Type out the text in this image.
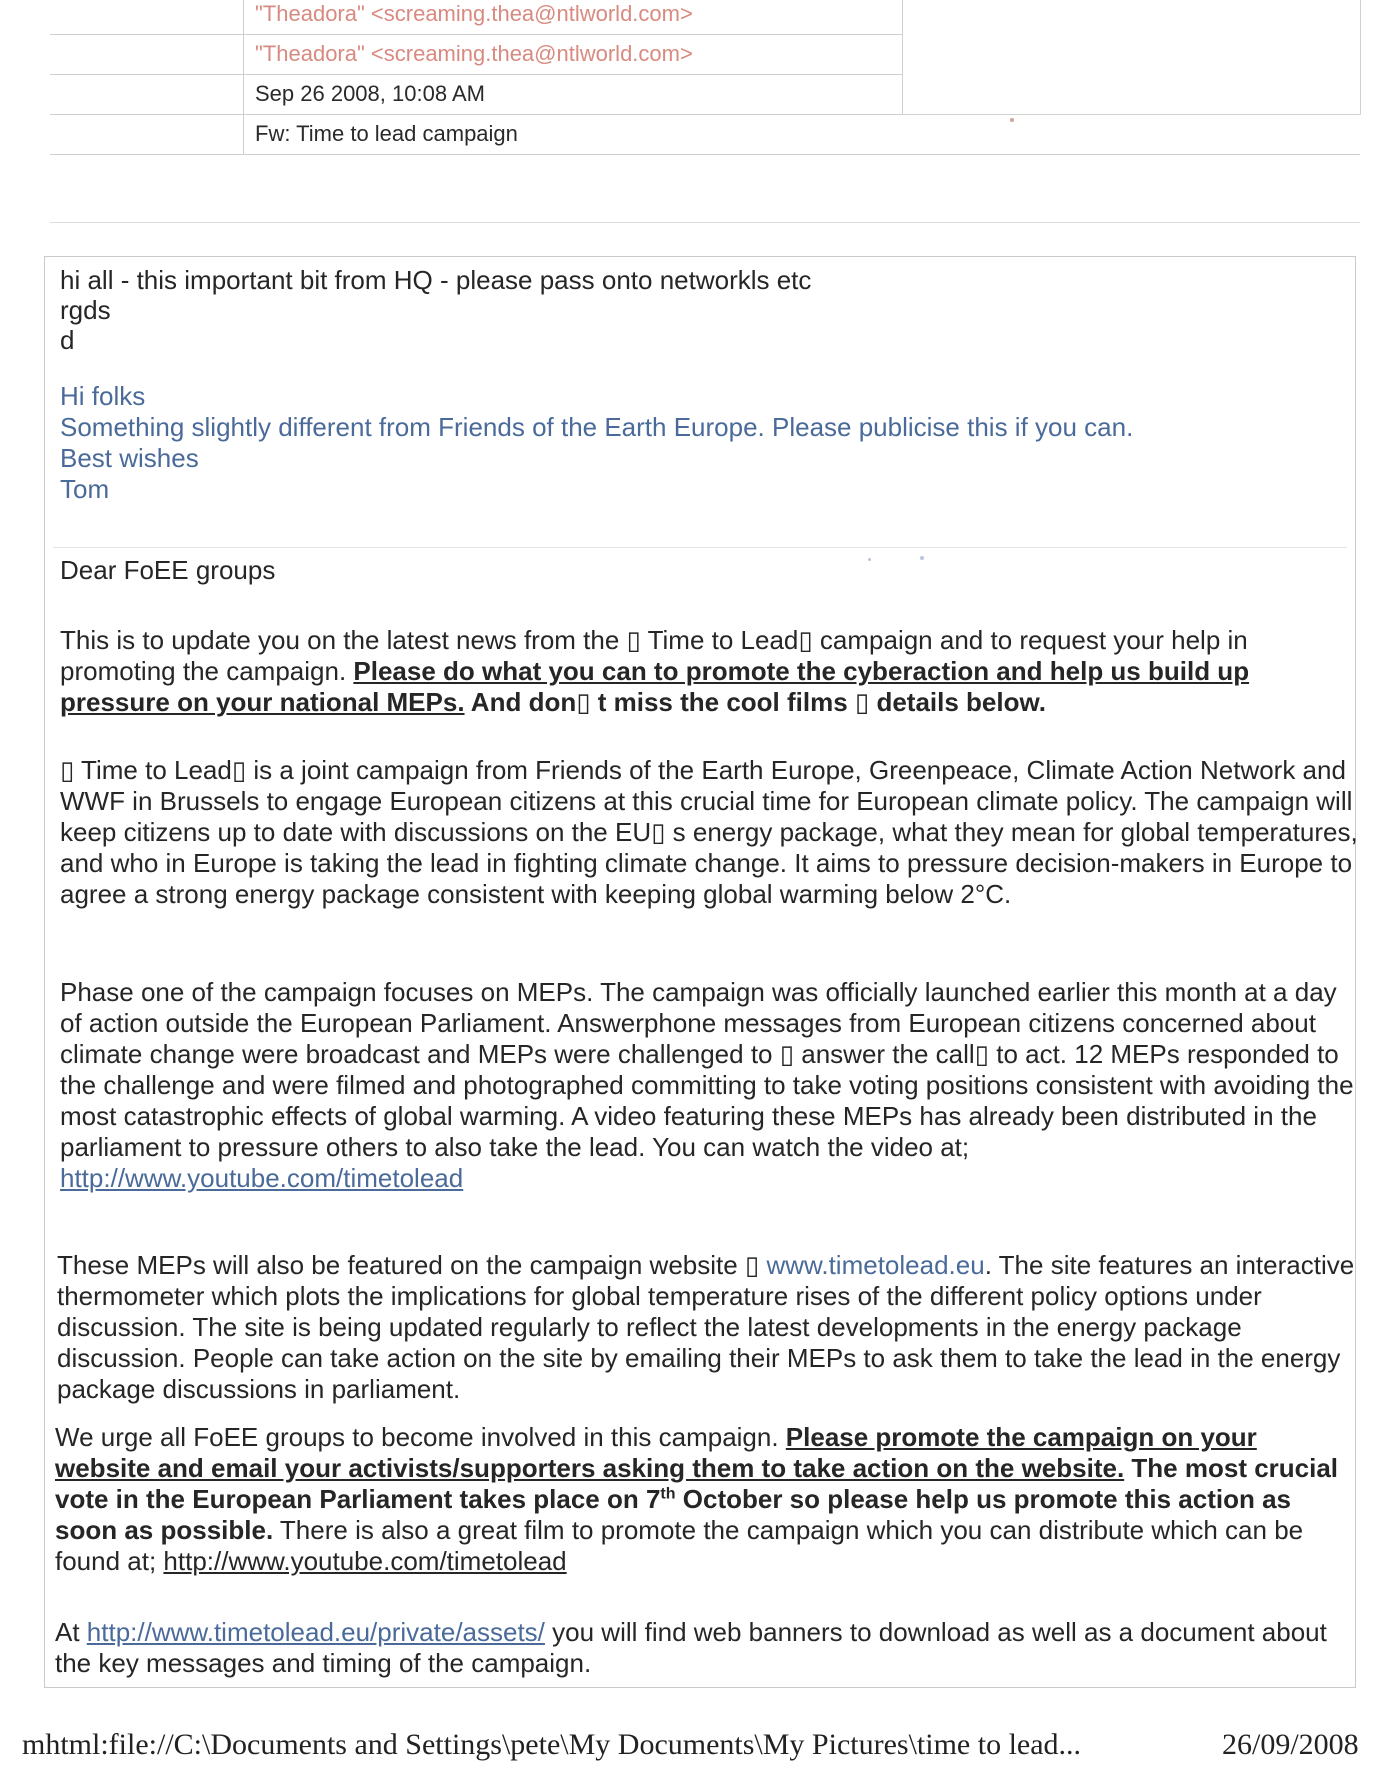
"Theadora" <screaming.thea@ntlworld.com>
"Theadora" <screaming.thea@ntlworld.com>
Sep 26 2008, 10:08 AM
Fw: Time to lead campaign

hi all - this important bit from HQ - please pass onto networkls etc

rgds

d

Hi folks

Something slightly different from Friends of the Earth Europe. Please publicise this if you can.

Best wishes

Tom

Dear FoEE groups
This is to update you on the latest news from the ▯ Time to Lead▯ campaign and to request your help in promoting the campaign. Please do what you can to promote the cyberaction and help us build up pressure on your national MEPs. And don▯ t miss the cool films ▯ details below.
▯ Time to Lead▯ is a joint campaign from Friends of the Earth Europe, Greenpeace, Climate Action Network and WWF in Brussels to engage European citizens at this crucial time for European climate policy. The campaign will keep citizens up to date with discussions on the EU▯ s energy package, what they mean for global temperatures, and who in Europe is taking the lead in fighting climate change. It aims to pressure decision-makers in Europe to agree a strong energy package consistent with keeping global warming below 2°C.
Phase one of the campaign focuses on MEPs. The campaign was officially launched earlier this month at a day of action outside the European Parliament. Answerphone messages from European citizens concerned about climate change were broadcast and MEPs were challenged to ▯ answer the call▯ to act. 12 MEPs responded to the challenge and were filmed and photographed committing to take voting positions consistent with avoiding the most catastrophic effects of global warming. A video featuring these MEPs has already been distributed in the parliament to pressure others to also take the lead. You can watch the video at; http://www.youtube.com/timetolead
These MEPs will also be featured on the campaign website ▯ www.timetolead.eu. The site features an interactive thermometer which plots the implications for global temperature rises of the different policy options under discussion. The site is being updated regularly to reflect the latest developments in the energy package discussion. People can take action on the site by emailing their MEPs to ask them to take the lead in the energy package discussions in parliament.
We urge all FoEE groups to become involved in this campaign. Please promote the campaign on your website and email your activists/supporters asking them to take action on the website. The most crucial vote in the European Parliament takes place on 7th October so please help us promote this action as soon as possible. There is also a great film to promote the campaign which you can distribute which can be found at; http://www.youtube.com/timetolead
At http://www.timetolead.eu/private/assets/ you will find web banners to download as well as a document about the key messages and timing of the campaign.
mhtml:file://C:\Documents and Settings\pete\My Documents\My Pictures\time to lead...	26/09/2008
